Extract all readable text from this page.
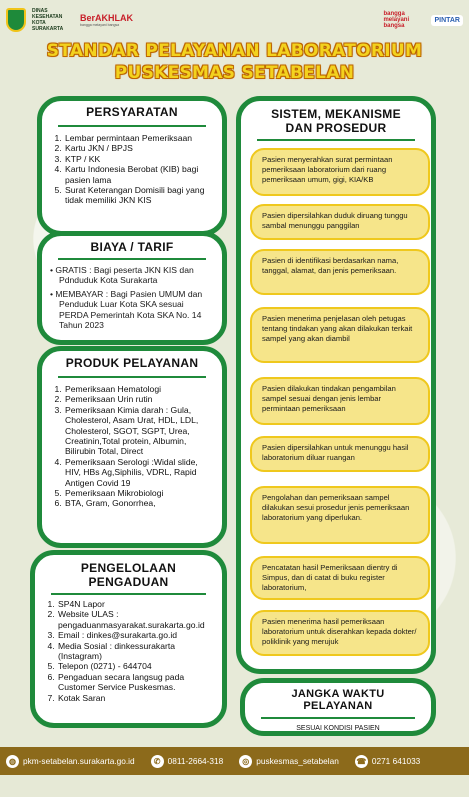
DINAS KESEHATAN KOTA SURAKARTA
BerAKHLAK
bangga melayani bangsa
bangga melayani bangsa
PINTAR
STANDAR PELAYANAN LABORATORIUM
PUSKESMAS SETABELAN
PERSYARATAN
1. Lembar permintaan Pemeriksaan
2. Kartu JKN / BPJS
3. KTP / KK
4. Kartu Indonesia Berobat (KIB) bagi pasien lama
5. Surat Keterangan Domisili bagi yang tidak memiliki JKN KIS
BIAYA / TARIF
• GRATIS : Bagi peserta JKN KIS dan Pdnduduk Kota Surakarta
• MEMBAYAR : Bagi Pasien UMUM dan Penduduk Luar Kota SKA sesuai PERDA Pemerintah Kota SKA No. 14 Tahun 2023
PRODUK PELAYANAN
1. Pemeriksaan Hematologi
2. Pemeriksaan Urin rutin
3. Pemeriksaan Kimia darah : Gula, Cholesterol, Asam Urat, HDL, LDL, Cholesterol, SGOT, SGPT, Urea, Creatinin,Total protein, Albumin, Bilirubin Total, Direct
4. Pemeriksaan Serologi :Widal slide, HIV, HBs Ag,Siphilis, VDRL, Rapid Antigen Covid 19
5. Pemeriksaan Mikrobiologi
6. BTA, Gram, Gonorrhea,
PENGELOLAAN
PENGADUAN
1. SP4N Lapor
2. Website ULAS : pengaduanmasyarakat.surakarta.go.id
3. Email : dinkes@surakarta.go.id
4. Media Sosial : dinkessurakarta (Instagram)
5. Telepon (0271) - 644704
6. Pengaduan secara langsug pada Customer Service Puskesmas.
7. Kotak Saran
SISTEM, MEKANISME
DAN PROSEDUR
Pasien menyerahkan surat permintaan pemeriksaan laboratorium dari ruang pemeriksaan umum, gigi, KIA/KB
Pasien dipersilahkan duduk diruang tunggu sambal menunggu panggilan
Pasien di identifikasi berdasarkan nama, tanggal, alamat, dan jenis pemeriksaan.
Pasien menerima penjelasan oleh petugas tentang tindakan yang akan dilakukan terkait sampel yang akan diambil
Pasien dilakukan tindakan pengambilan sampel sesuai dengan jenis lembar permintaan pemeriksaan
Pasien dipersilahkan untuk menunggu hasil laboratorium diluar ruangan
Pengolahan dan pemeriksaan sampel dilakukan sesui prosedur jenis pemeriksaan laboratorium yang diperlukan.
Pencatatan hasil Pemeriksaan dientry di Simpus, dan di catat di buku register laboratorium,
Pasien menerima hasil pemeriksaan laboratorium untuk diserahkan kepada dokter/ poliklinik yang merujuk
JANGKA WAKTU PELAYANAN
SESUAI KONDISI PASIEN
◍ pkm-setabelan.surakarta.go.id	✆ 0811-2664-318	◎ puskesmas_setabelan ☎ 0271 641033
